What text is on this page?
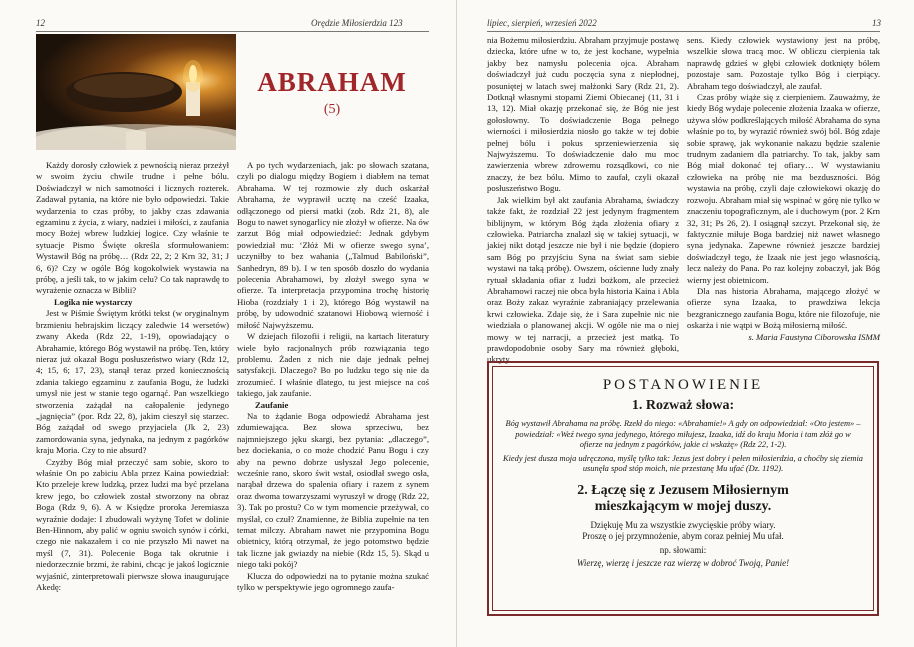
12	Orędzie Miłosierdzia 123
ABRAHAM
(5)

Każdy dorosły człowiek z pewnością nieraz przeżył w swoim życiu chwile trudne i pełne bólu. Doświadczył w nich samotności i licznych rozterek. Zadawał pytania, na które nie było odpowiedzi. Takie wydarzenia to czas próby, to jakby czas zdawania egzaminu z życia, z wiary, nadziei i miłości, z zaufania mocy Bożej wbrew ludzkiej logice. Czy właśnie te sytuacje Pismo Święte określa sformułowaniem: Wystawił Bóg na próbę… (Rdz 22, 2; 2 Krn 32, 31; J 6, 6)? Czy w ogóle Bóg kogokolwiek wystawia na próbę, a jeśli tak, to w jakim celu? Co tak naprawdę to wyrażenie oznacza w Biblii?

Logika nie wystarczy

Jest w Piśmie Świętym krótki tekst (w oryginalnym brzmieniu hebrajskim liczący zaledwie 14 wersetów) zwany Akeda (Rdz 22, 1-19), opowiadający o Abrahamie, którego Bóg wystawił na próbę. Ten, który nieraz już okazał Bogu posłuszeństwo wiary (Rdz 12, 4; 15, 6; 17, 23), stanął teraz przed koniecznością zdania takiego egzaminu z zaufania Bogu, że ludzki umysł nie jest w stanie tego ogarnąć. Pan wszelkiego stworzenia zażądał na całopalenie jedynego „jagnięcia” (por. Rdz 22, 8), jakim cieszył się starzec. Bóg zażądał od swego przyjaciela (Jk 2, 23) zamordowania syna, jedynaka, na jednym z pagórków kraju Moria. Czy to nie absurd?

Czyżby Bóg miał przeczyć sam sobie, skoro to właśnie On po zabiciu Abla przez Kaina powiedział: Kto przeleje krew ludzką, przez ludzi ma być przelana krew jego, bo człowiek został stworzony na obraz Boga (Rdz 9, 6). A w Księdze proroka Jeremiasza wyraźnie dodaje: I zbudowali wyżynę Tofet w dolinie Ben-Hinnom, aby palić w ogniu swoich synów i córki, czego nie nakazałem i co nie przyszło Mi nawet na myśl (7, 31). Polecenie Boga tak okrutnie i niedorzecznie brzmi, że rabini, chcąc je jakoś logicznie wyjaśnić, zinterpretowali pierwsze słowa inaugurujące Akedę:

A po tych wydarzeniach, jak: po słowach szatana, czyli po dialogu między Bogiem i diabłem na temat Abrahama. W tej rozmowie zły duch oskarżał Abrahama, że wyprawił ucztę na cześć Izaaka, odłączonego od piersi matki (zob. Rdz 21, 8), ale Bogu to nawet synogarlicy nie złożył w ofierze. Na ów zarzut Bóg miał odpowiedzieć: Jednak gdybym powiedział mu: ‘Złóż Mi w ofierze swego syna’, uczyniłby to bez wahania („Talmud Babiloński”, Sanhedryn, 89 b). I w ten sposób doszło do wydania polecenia Abrahamowi, by złożył swego syna w ofierze. Ta interpretacja przypomina trochę historię Hioba (rozdziały 1 i 2), którego Bóg wystawił na próbę, by udowodnić szatanowi Hiobową wierność i miłość Najwyższemu.

W dziejach filozofii i religii, na kartach literatury wiele było racjonalnych prób rozwiązania tego problemu. Żaden z nich nie daje jednak pełnej satysfakcji. Dlaczego? Bo po ludzku tego się nie da zrozumieć. I właśnie dlatego, tu jest miejsce na coś takiego, jak zaufanie.

Zaufanie

Na to żądanie Boga odpowiedź Abrahama jest zdumiewająca. Bez słowa sprzeciwu, bez najmniejszego jęku skargi, bez pytania: „dlaczego”, bez dociekania, o co może chodzić Panu Bogu i czy aby na pewno dobrze usłyszał Jego polecenie, wcześnie rano, skoro świt wstał, osiodłał swego osła, narąbał drzewa do spalenia ofiary i razem z synem oraz dwoma towarzyszami wyruszył w drogę (Rdz 22, 3). Tak po prostu? Co w tym momencie przeżywał, co myślał, co czuł? Znamienne, że Biblia zupełnie na ten temat milczy. Abraham nawet nie przypomina Bogu obietnicy, którą otrzymał, że jego potomstwo będzie tak liczne jak gwiazdy na niebie (Rdz 15, 5). Skąd u niego taki pokój?

Klucza do odpowiedzi na to pytanie można szukać tylko w perspektywie jego ogromnego zaufa-

lipiec, sierpień, wrzesień 2022	13

nia Bożemu miłosierdziu. Abraham przyjmuje postawę dziecka, które ufne w to, że jest kochane, wypełnia jakby bez namysłu polecenia ojca. Abraham doświadczył już cudu poczęcia syna z niepłodnej, posuniętej w latach swej małżonki Sary (Rdz 21, 2). Dotknął własnymi stopami Ziemi Obiecanej (11, 31 i 13, 12). Miał okazję przekonać się, że Bóg nie jest gołosłowny. To doświadczenie Boga pełnego wierności i miłosierdzia niosło go także w tej dobie pełnej bólu i pokus sprzeniewierzenia się Najwyższemu. To doświadczenie dało mu moc zawierzenia wbrew zdrowemu rozsądkowi, co nie znaczy, że bez bólu. Mimo to zaufał, czyli okazał posłuszeństwo Bogu.

Jak wielkim był akt zaufania Abrahama, świadczy także fakt, że rozdział 22 jest jedynym fragmentem biblijnym, w którym Bóg żąda złożenia ofiary z człowieka. Patriarcha znalazł się w takiej sytuacji, w jakiej nikt dotąd jeszcze nie był i nie będzie (dopiero sam Bóg po przyjściu Syna na świat sam siebie wystawi na taką próbę). Owszem, ościenne ludy znały rytuał składania ofiar z ludzi bożkom, ale przecież Abrahamowi raczej nie obca była historia Kaina i Abla oraz Boży zakaz wyraźnie zabraniający przelewania krwi człowieka. Zdaje się, że i Sara zupełnie nic nie wiedziała o planowanej akcji. W ogóle nie ma o niej mowy w tej narracji, a przecież jest matką. To prawdopodobnie osoby Sary ma również głęboki, ukryty

sens. Kiedy człowiek wystawiony jest na próbę, wszelkie słowa tracą moc. W obliczu cierpienia tak naprawdę gdzieś w głębi człowiek dotknięty bólem pozostaje sam. Pozostaje tylko Bóg i cierpiący. Abraham tego doświadczył, ale zaufał.

Czas próby wiąże się z cierpieniem. Zauważmy, że kiedy Bóg wydaje polecenie złożenia Izaaka w ofierze, używa słów podkreślających miłość Abrahama do syna właśnie po to, by wyrazić również swój ból. Bóg zdaje sobie sprawę, jak wykonanie nakazu będzie szalenie trudnym zadaniem dla patriarchy. To tak, jakby sam Bóg miał dokonać tej ofiary… W wystawianiu człowieka na próbę nie ma bezduszności. Bóg wystawia na próbę, czyli daje człowiekowi okazję do rozwoju. Abraham miał się wspinać w górę nie tylko w znaczeniu topograficznym, ale i duchowym (por. 2 Krn 32, 31; Ps 26, 2). I osiągnął szczyt. Przekonał się, że faktycznie miłuje Boga bardziej niż nawet własnego syna jedynaka. Zapewne również jeszcze bardziej doświadczył tego, że Izaak nie jest jego własnością, lecz należy do Pana. Po raz kolejny zobaczył, jak Bóg wierny jest obietnicom.

Dla nas historia Abrahama, mającego złożyć w ofierze syna Izaaka, to prawdziwa lekcja bezgranicznego zaufania Bogu, które nie filozofuje, nie oskarża i nie wątpi w Bożą miłosierną miłość.

s. Maria Faustyna Ciborowska ISMM

POSTANOWIENIE
1. Rozważ słowa:

Bóg wystawił Abrahama na próbę. Rzekł do niego: «Abrahamie!» A gdy on odpowiedział: «Oto jestem» – powiedział: «Weź twego syna jedynego, którego miłujesz, Izaaka, idź do kraju Moria i tam złóż go w ofierze na jednym z pagórków, jakie ci wskażę» (Rdz 22, 1-2).

Kiedy jest dusza moja udręczona, myślę tylko tak: Jezus jest dobry i pełen miłosierdzia, a choćby się ziemia usunęła spod stóp moich, nie przestanę Mu ufać (Dz. 1192).

2. Łączę się z Jezusem Miłosiernym
mieszkającym w mojej duszy.

Dziękuję Mu za wszystkie zwycięskie próby wiary.

Proszę o jej przymnożenie, abym coraz pełniej Mu ufał.

np. słowami:

Wierzę, wierzę i jeszcze raz wierzę w dobroć Twoją, Panie!
